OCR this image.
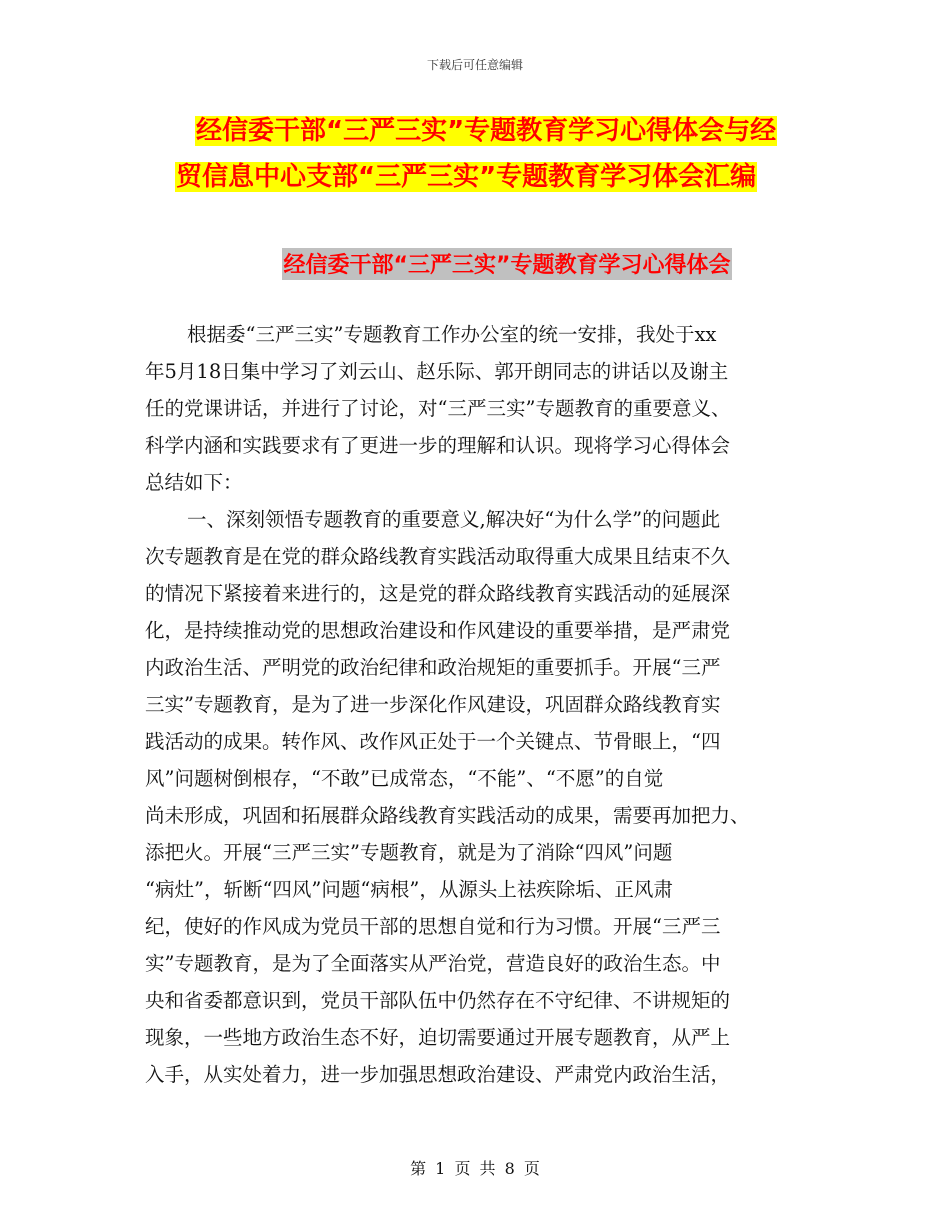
下载后可任意编辑
经信委干部“三严三实”专题教育学习心得体会与经
贸信息中心支部“三严三实”专题教育学习体会汇编
经信委干部“三严三实”专题教育学习心得体会
根据委“三严三实”专题教育工作办公室的统一安排，我处于xx
年5月18日集中学习了刘云山、赵乐际、郭开朗同志的讲话以及谢主
任的党课讲话，并进行了讨论，对“三严三实”专题教育的重要意义、
科学内涵和实践要求有了更进一步的理解和认识。现将学习心得体会
总结如下：
一、深刻领悟专题教育的重要意义,解决好“为什么学”的问题此
次专题教育是在党的群众路线教育实践活动取得重大成果且结束不久
的情况下紧接着来进行的，这是党的群众路线教育实践活动的延展深
化，是持续推动党的思想政治建设和作风建设的重要举措，是严肃党
内政治生活、严明党的政治纪律和政治规矩的重要抓手。开展“三严
三实”专题教育，是为了进一步深化作风建设，巩固群众路线教育实
践活动的成果。转作风、改作风正处于一个关键点、节骨眼上，“四
风”问题树倒根存，“不敢”已成常态，“不能”、“不愿”的自觉
尚未形成，巩固和拓展群众路线教育实践活动的成果，需要再加把力、
添把火。开展“三严三实”专题教育，就是为了消除“四风”问题
“病灶”，斩断“四风”问题“病根”，从源头上祛疾除垢、正风肃
纪，使好的作风成为党员干部的思想自觉和行为习惯。开展“三严三
实”专题教育，是为了全面落实从严治党，营造良好的政治生态。中
央和省委都意识到，党员干部队伍中仍然存在不守纪律、不讲规矩的
现象，一些地方政治生态不好，迫切需要通过开展专题教育，从严上
入手，从实处着力，进一步加强思想政治建设、严肃党内政治生活，
第 1 页 共 8 页
